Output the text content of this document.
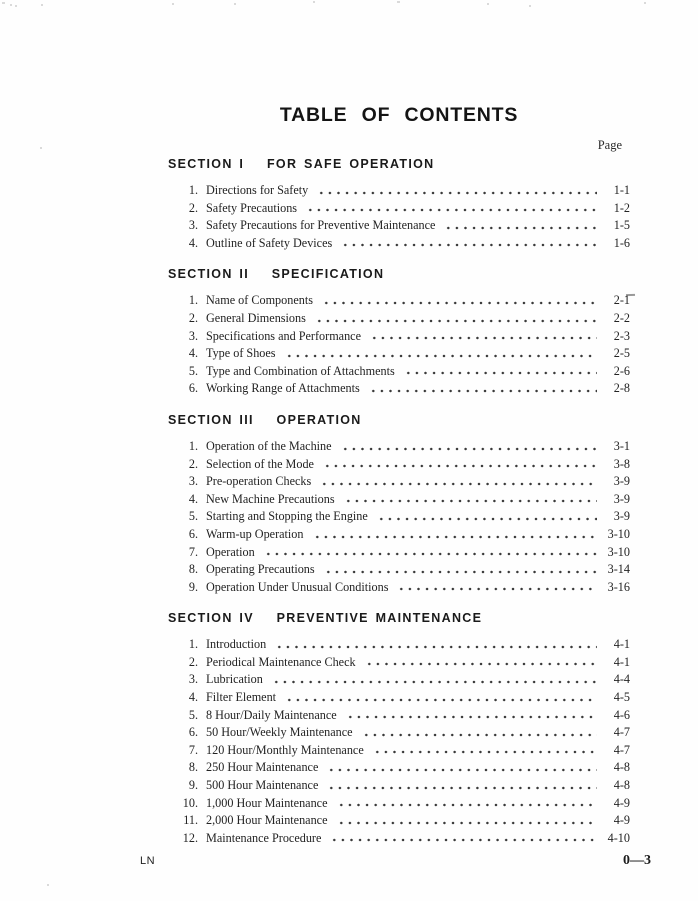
TABLE OF CONTENTS
Page
SECTION I FOR SAFE OPERATION
1. Directions for Safety	1-1
2. Safety Precautions	1-2
3. Safety Precautions for Preventive Maintenance	1-5
4. Outline of Safety Devices	1-6
SECTION II SPECIFICATION
1. Name of Components	2-1
2. General Dimensions	2-2
3. Specifications and Performance	2-3
4. Type of Shoes	2-5
5. Type and Combination of Attachments	2-6
6. Working Range of Attachments	2-8
SECTION III OPERATION
1. Operation of the Machine	3-1
2. Selection of the Mode	3-8
3. Pre-operation Checks	3-9
4. New Machine Precautions	3-9
5. Starting and Stopping the Engine	3-9
6. Warm-up Operation	3-10
7. Operation	3-10
8. Operating Precautions	3-14
9. Operation Under Unusual Conditions	3-16
SECTION IV PREVENTIVE MAINTENANCE
1. Introduction	4-1
2. Periodical Maintenance Check	4-1
3. Lubrication	4-4
4. Filter Element	4-5
5. 8 Hour/Daily Maintenance	4-6
6. 50 Hour/Weekly Maintenance	4-7
7. 120 Hour/Monthly Maintenance	4-7
8. 250 Hour Maintenance	4-8
9. 500 Hour Maintenance	4-8
10. 1,000 Hour Maintenance	4-9
11. 2,000 Hour Maintenance	4-9
12. Maintenance Procedure	4-10
LN	0—3
